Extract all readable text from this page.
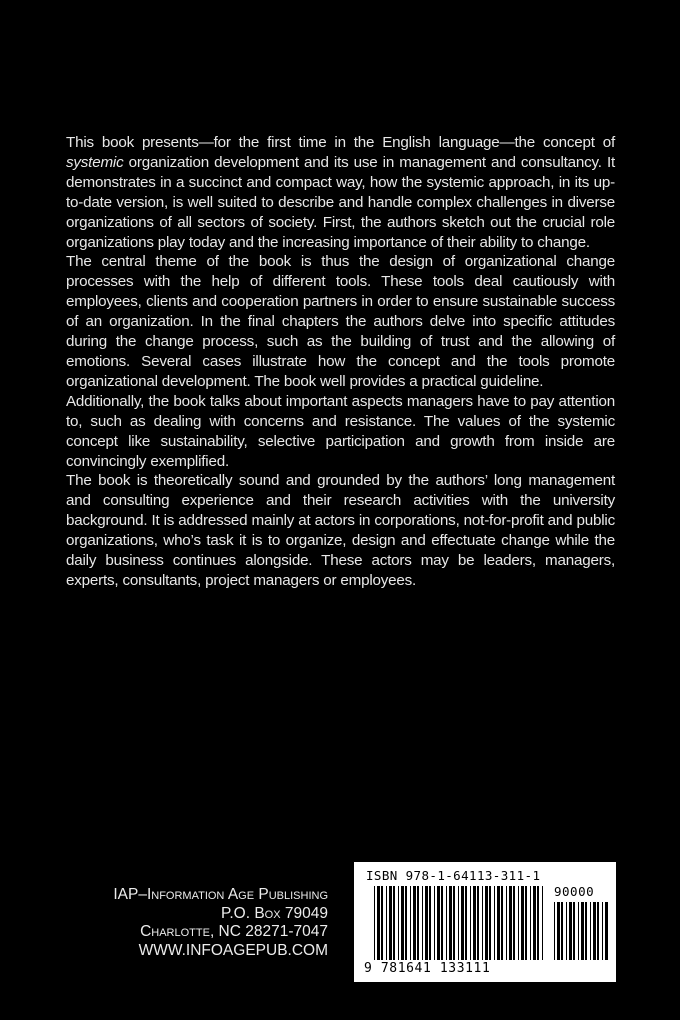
This book presents—for the first time in the English language—the concept of systemic organization development and its use in management and consultancy. It demonstrates in a succinct and compact way, how the systemic approach, in its up-to-date version, is well suited to describe and handle complex challenges in diverse organizations of all sectors of society. First, the authors sketch out the crucial role organizations play today and the increasing importance of their ability to change.

The central theme of the book is thus the design of organizational change processes with the help of different tools. These tools deal cautiously with employees, clients and cooperation partners in order to ensure sustainable success of an organization. In the final chapters the authors delve into specific attitudes during the change process, such as the building of trust and the allowing of emotions. Several cases illustrate how the concept and the tools promote organizational development. The book well provides a practical guideline.

Additionally, the book talks about important aspects managers have to pay attention to, such as dealing with concerns and resistance. The values of the systemic concept like sustainability, selective participation and growth from inside are convincingly exemplified.

The book is theoretically sound and grounded by the authors’ long management and consulting experience and their research activities with the university background. It is addressed mainly at actors in corporations, not-for-profit and public organizations, who’s task it is to organize, design and effectuate change while the daily business continues alongside. These actors may be leaders, managers, experts, consultants, project managers or employees.

IAP–Information Age Publishing
P.O. Box 79049
Charlotte, NC 28271-7047
WWW.INFOAGEPUB.COM
ISBN 978-1-64113-311-1
90000
9 781641 133111
